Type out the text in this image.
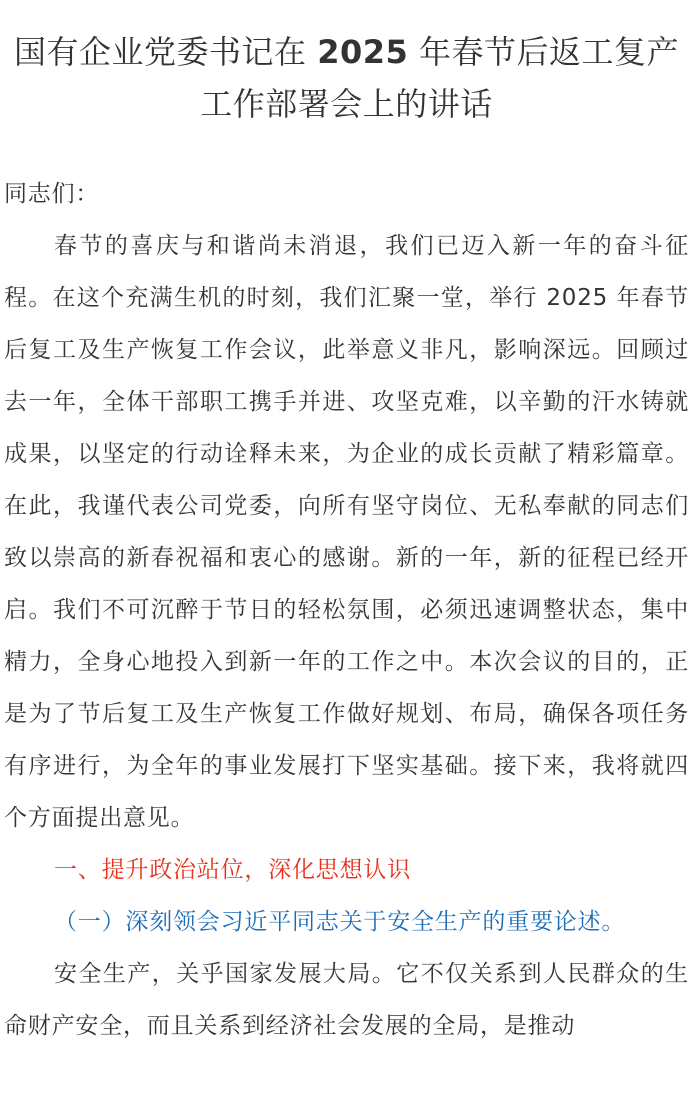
国有企业党委书记在 2025 年春节后返工复产工作部署会上的讲话

同志们：

春节的喜庆与和谐尚未消退，我们已迈入新一年的奋斗征程。在这个充满生机的时刻，我们汇聚一堂，举行 2025 年春节后复工及生产恢复工作会议，此举意义非凡，影响深远。回顾过去一年，全体干部职工携手并进、攻坚克难，以辛勤的汗水铸就成果，以坚定的行动诠释未来，为企业的成长贡献了精彩篇章。在此，我谨代表公司党委，向所有坚守岗位、无私奉献的同志们致以崇高的新春祝福和衷心的感谢。新的一年，新的征程已经开启。我们不可沉醉于节日的轻松氛围，必须迅速调整状态，集中精力，全身心地投入到新一年的工作之中。本次会议的目的，正是为了节后复工及生产恢复工作做好规划、布局，确保各项任务有序进行，为全年的事业发展打下坚实基础。接下来，我将就四个方面提出意见。

一、提升政治站位，深化思想认识

（一）深刻领会习近平同志关于安全生产的重要论述。

安全生产，关乎国家发展大局。它不仅关系到人民群众的生命财产安全，而且关系到经济社会发展的全局，是推动
